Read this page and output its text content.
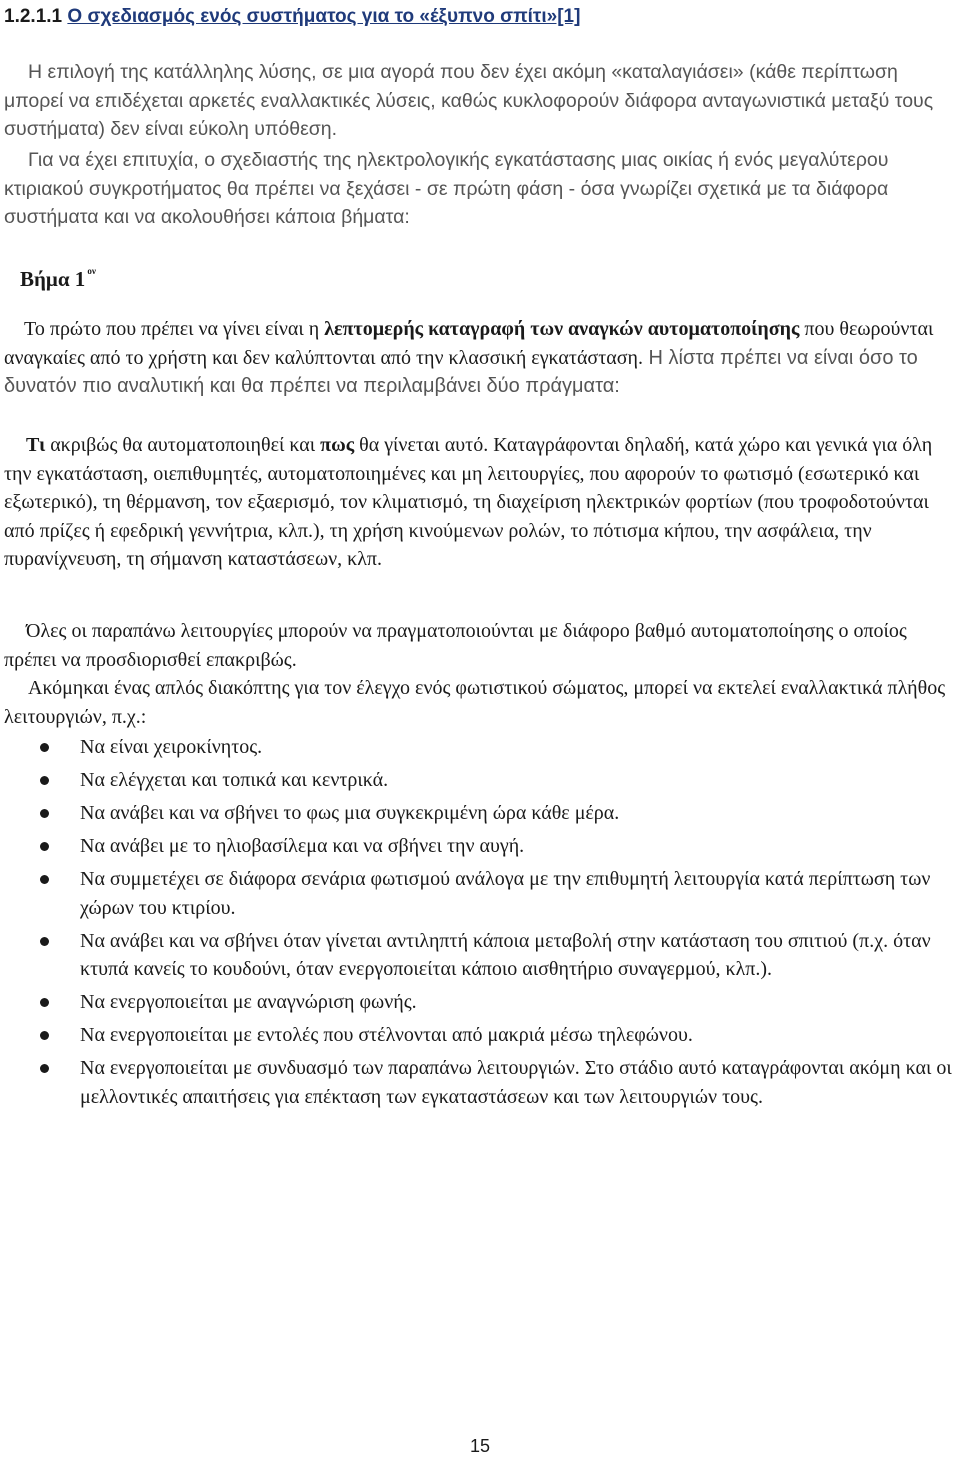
1.2.1.1 Ο σχεδιασμός ενός συστήματος για το «έξυπνο σπίτι»[1]
Η επιλογή της κατάλληλης λύσης, σε μια αγορά που δεν έχει ακόμη «καταλαγιάσει» (κάθε περίπτωση μπορεί να επιδέχεται αρκετές εναλλακτικές λύσεις, καθώς κυκλοφορούν διάφορα ανταγωνιστικά μεταξύ τους συστήματα) δεν είναι εύκολη υπόθεση.
Για να έχει επιτυχία, ο σχεδιαστής της ηλεκτρολογικής εγκατάστασης μιας οικίας ή ενός μεγαλύτερου κτιριακού συγκροτήματος θα πρέπει να ξεχάσει - σε πρώτη φάση - όσα γνωρίζει σχετικά με τα διάφορα συστήματα και να ακολουθήσει κάποια βήματα:
Βήμα 1 $^{o\nu}$
Το πρώτο που πρέπει να γίνει είναι η λεπτομερής καταγραφή των αναγκών αυτοματοποίησης που θεωρούνται αναγκαίες από το χρήστη και δεν καλύπτονται από την κλασσική εγκατάσταση. Η λίστα πρέπει να είναι όσο το δυνατόν πιο αναλυτική και θα πρέπει να περιλαμβάνει δύο πράγματα:
Τι ακριβώς θα αυτοματοποιηθεί και πως θα γίνεται αυτό. Καταγράφονται δηλαδή, κατά χώρο και γενικά για όλη την εγκατάσταση, οιεπιθυμητές, αυτοματοποιημένες και μη λειτουργίες, που αφορούν το φωτισμό (εσωτερικό και εξωτερικό), τη θέρμανση, τον εξαερισμό, τον κλιματισμό, τη διαχείριση ηλεκτρικών φορτίων (που τροφοδοτούνται από πρίζες ή εφεδρική γεννήτρια, κλπ.), τη χρήση κινούμενων ρολών, το πότισμα κήπου, την ασφάλεια, την πυρανίχνευση, τη σήμανση καταστάσεων, κλπ.
Όλες οι παραπάνω λειτουργίες μπορούν να πραγματοποιούνται με διάφορο βαθμό αυτοματοποίησης ο οποίος πρέπει να προσδιορισθεί επακριβώς.
Ακόμηκαι ένας απλός διακόπτης για τον έλεγχο ενός φωτιστικού σώματος, μπορεί να εκτελεί εναλλακτικά πλήθος λειτουργιών, π.χ.:
Να είναι χειροκίνητος.
Να ελέγχεται και τοπικά και κεντρικά.
Να ανάβει και να σβήνει το φως μια συγκεκριμένη ώρα κάθε μέρα.
Να ανάβει με το ηλιοβασίλεμα και να σβήνει την αυγή.
Να συμμετέχει σε διάφορα σενάρια φωτισμού ανάλογα με την επιθυμητή λειτουργία κατά περίπτωση των χώρων του κτιρίου.
Να ανάβει και να σβήνει όταν γίνεται αντιληπτή κάποια μεταβολή στην κατάσταση του σπιτιού (π.χ. όταν κτυπά κανείς το κουδούνι, όταν ενεργοποιείται κάποιο αισθητήριο συναγερμού, κλπ.).
Να ενεργοποιείται με αναγνώριση φωνής.
Να ενεργοποιείται με εντολές που στέλνονται από μακριά μέσω τηλεφώνου.
Να ενεργοποιείται με συνδυασμό των παραπάνω λειτουργιών. Στο στάδιο αυτό καταγράφονται ακόμη και οι μελλοντικές απαιτήσεις για επέκταση των εγκαταστάσεων και των λειτουργιών τους.
15
